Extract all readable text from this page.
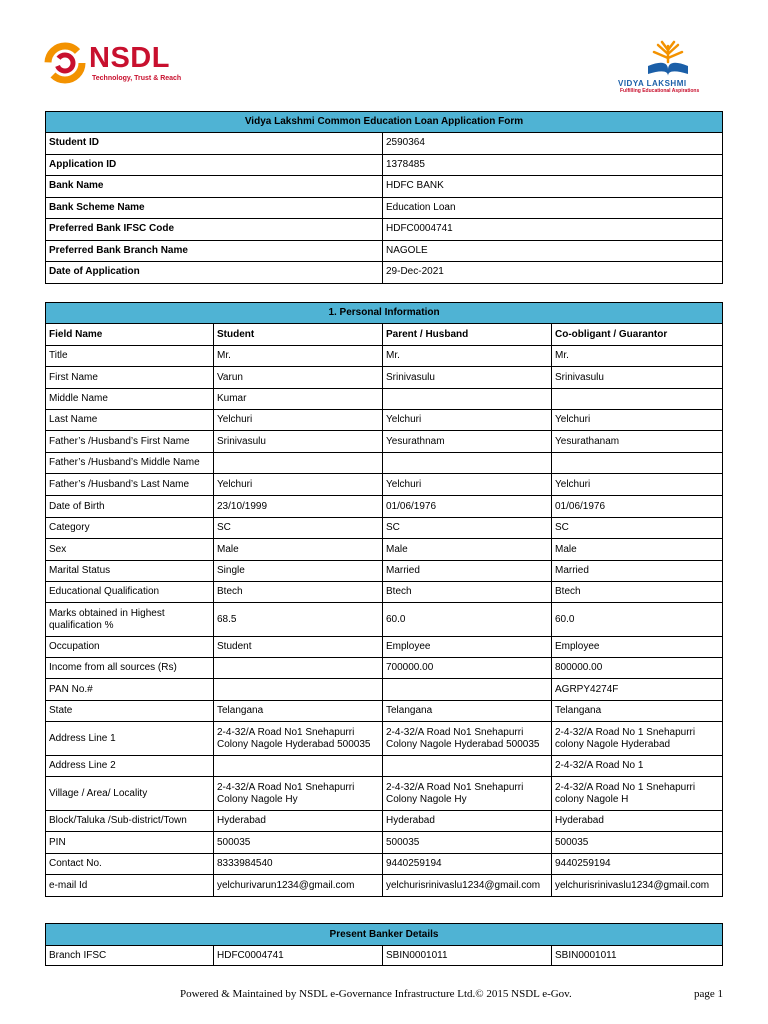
NSDL
Technology, Trust & Reach
VIDYA LAKSHMI
Fulfilling Educational Aspirations
Vidya Lakshmi Common Education Loan Application Form	
Student ID	2590364
Application ID	1378485
Bank Name	HDFC BANK
Bank Scheme Name	Education Loan
Preferred Bank IFSC Code	HDFC0004741
Preferred Bank Branch Name	NAGOLE
Date of Application	29-Dec-2021
1. Personal Information			
Field Name	Student	Parent / Husband	Co-obligant / Guarantor
Title	Mr.	Mr.	Mr.
First Name	Varun	Srinivasulu	Srinivasulu
Middle Name	Kumar		
Last Name	Yelchuri	Yelchuri	Yelchuri
Father’s /Husband’s First Name	Srinivasulu	Yesurathnam	Yesurathanam
Father’s /Husband’s Middle Name			
Father’s /Husband’s Last Name	Yelchuri	Yelchuri	Yelchuri
Date of Birth	23/10/1999	01/06/1976	01/06/1976
Category	SC	SC	SC
Sex	Male	Male	Male
Marital Status	Single	Married	Married
Educational Qualification	Btech	Btech	Btech
Marks obtained in Highest qualification %	68.5	60.0	60.0
Occupation	Student	Employee	Employee
Income from all sources (Rs)		700000.00	800000.00
PAN No.#			AGRPY4274F
State	Telangana	Telangana	Telangana
Address Line 1	2-4-32/A Road No1 Snehapurri Colony Nagole Hyderabad 500035	2-4-32/A Road No1 Snehapurri Colony Nagole Hyderabad 500035	2-4-32/A Road No 1 Snehapurri colony Nagole Hyderabad
Address Line 2			2-4-32/A Road No 1
Village / Area/ Locality	2-4-32/A Road No1 Snehapurri Colony Nagole Hy	2-4-32/A Road No1 Snehapurri Colony Nagole Hy	2-4-32/A Road No 1 Snehapurri colony Nagole H
Block/Taluka /Sub-district/Town	Hyderabad	Hyderabad	Hyderabad
PIN	500035	500035	500035
Contact No.	8333984540	9440259194	9440259194
e-mail Id	yelchurivarun1234@gmail.com	yelchurisrinivaslu1234@gmail.com	yelchurisrinivaslu1234@gmail.com
Present Banker Details
Branch IFSC	HDFC0004741	SBIN0001011	SBIN0001011
Powered & Maintained by NSDL e-Governance Infrastructure Ltd.© 2015 NSDL e-Gov.	page 1
